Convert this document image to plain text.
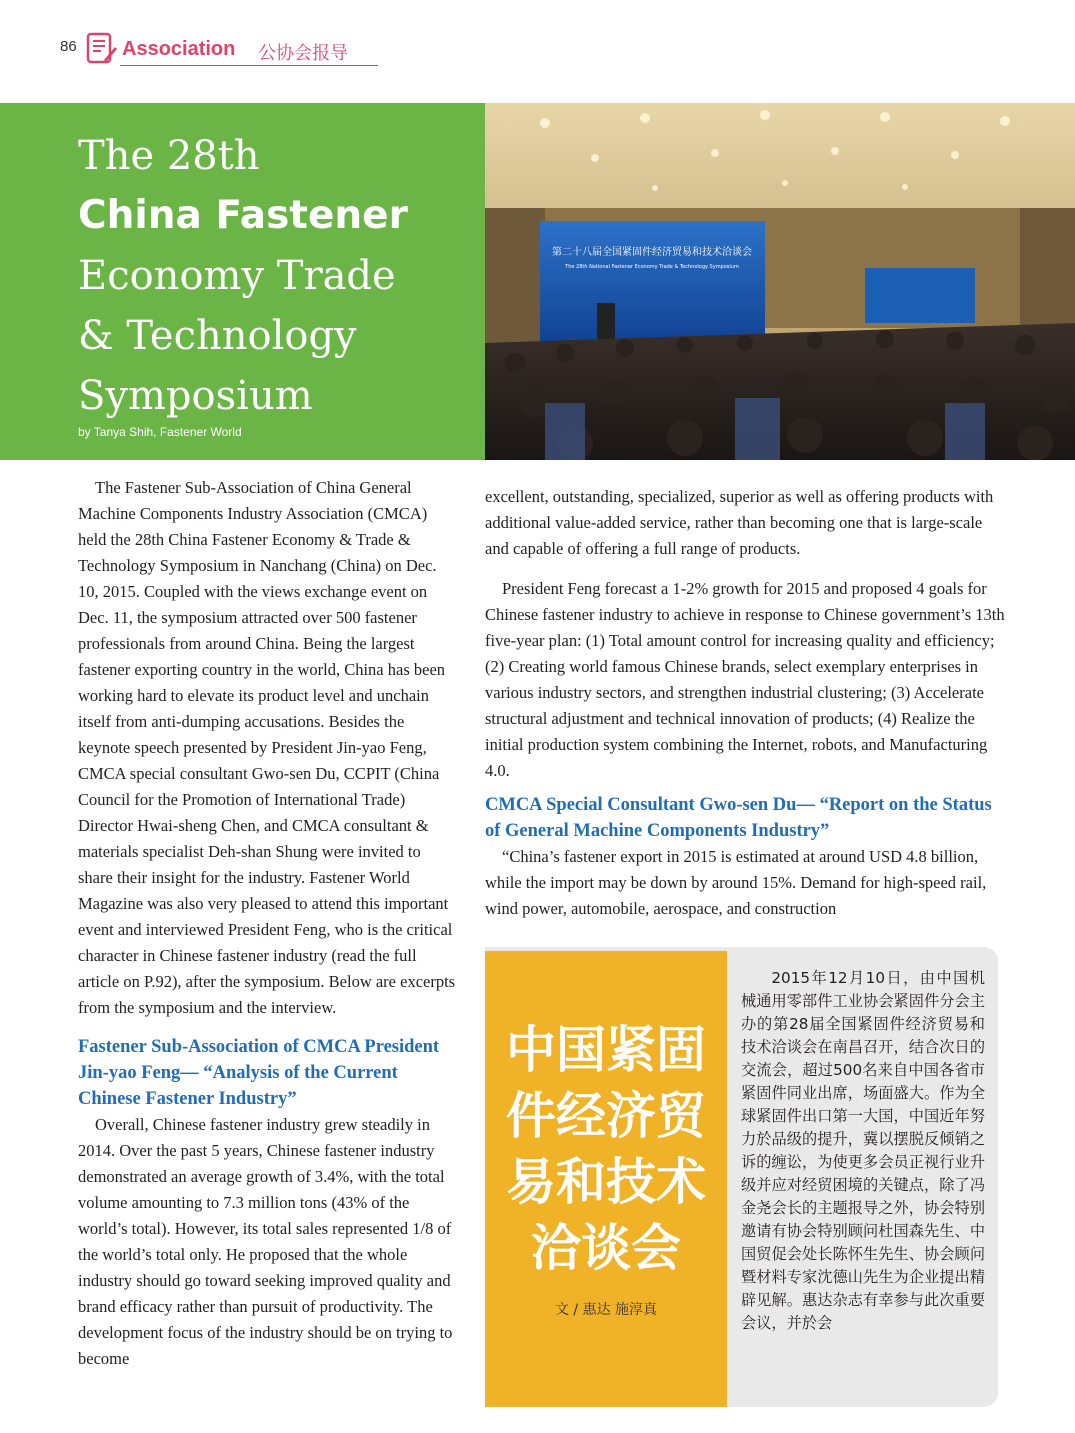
86 Association 公协会报导
The 28th
China Fastener
Economy Trade
& Technology
Symposium
by Tanya Shih, Fastener World
第二十八届全国紧固件经济贸易和技术洽谈会
The 28th National Fastener Economy Trade & Technology Symposium

The Fastener Sub-Association of China General Machine Components Industry Association (CMCA) held the 28th China Fastener Economy & Trade & Technology Symposium in Nanchang (China) on Dec. 10, 2015. Coupled with the views exchange event on Dec. 11, the symposium attracted over 500 fastener professionals from around China. Being the largest fastener exporting country in the world, China has been working hard to elevate its product level and unchain itself from anti-dumping accusations. Besides the keynote speech presented by President Jin-yao Feng, CMCA special consultant Gwo-sen Du, CCPIT (China Council for the Promotion of International Trade) Director Hwai-sheng Chen, and CMCA consultant & materials specialist Deh-shan Shung were invited to share their insight for the industry. Fastener World Magazine was also very pleased to attend this important event and interviewed President Feng, who is the critical character in Chinese fastener industry (read the full article on P.92), after the symposium. Below are excerpts from the symposium and the interview.

Fastener Sub-Association of CMCA President Jin-yao Feng— “Analysis of the Current Chinese Fastener Industry”

Overall, Chinese fastener industry grew steadily in 2014. Over the past 5 years, Chinese fastener industry demonstrated an average growth of 3.4%, with the total volume amounting to 7.3 million tons (43% of the world’s total). However, its total sales represented 1/8 of the world’s total only. He proposed that the whole industry should go toward seeking improved quality and brand efficacy rather than pursuit of productivity. The development focus of the industry should be on trying to become

excellent, outstanding, specialized, superior as well as offering products with additional value-added service, rather than becoming one that is large-scale and capable of offering a full range of products.

President Feng forecast a 1-2% growth for 2015 and proposed 4 goals for Chinese fastener industry to achieve in response to Chinese government’s 13th five-year plan: (1) Total amount control for increasing quality and efficiency; (2) Creating world famous Chinese brands, select exemplary enterprises in various industry sectors, and strengthen industrial clustering; (3) Accelerate structural adjustment and technical innovation of products; (4) Realize the initial production system combining the Internet, robots, and Manufacturing 4.0.

CMCA Special Consultant Gwo-sen Du— “Report on the Status of General Machine Components Industry”

“China’s fastener export in 2015 is estimated at around USD 4.8 billion, while the import may be down by around 15%. Demand for high-speed rail, wind power, automobile, aerospace, and construction

中国紧固
件经济贸
易和技术
洽谈会
文 / 惠达 施淳真

2015年12月10日，由中国机械通用零部件工业协会紧固件分会主办的第28届全国紧固件经济贸易和技术洽谈会在南昌召开，结合次日的交流会，超过500名来自中国各省市紧固件同业出席，场面盛大。作为全球紧固件出口第一大国，中国近年努力於品级的提升，冀以摆脱反倾销之诉的缠讼，为使更多会员正视行业升级并应对经贸困境的关键点，除了冯金尧会长的主题报导之外，协会特别邀请有协会特别顾问杜国森先生、中国贸促会处长陈怀生先生、协会顾问暨材料专家沈德山先生为企业提出精辟见解。惠达杂志有幸参与此次重要会议，并於会
